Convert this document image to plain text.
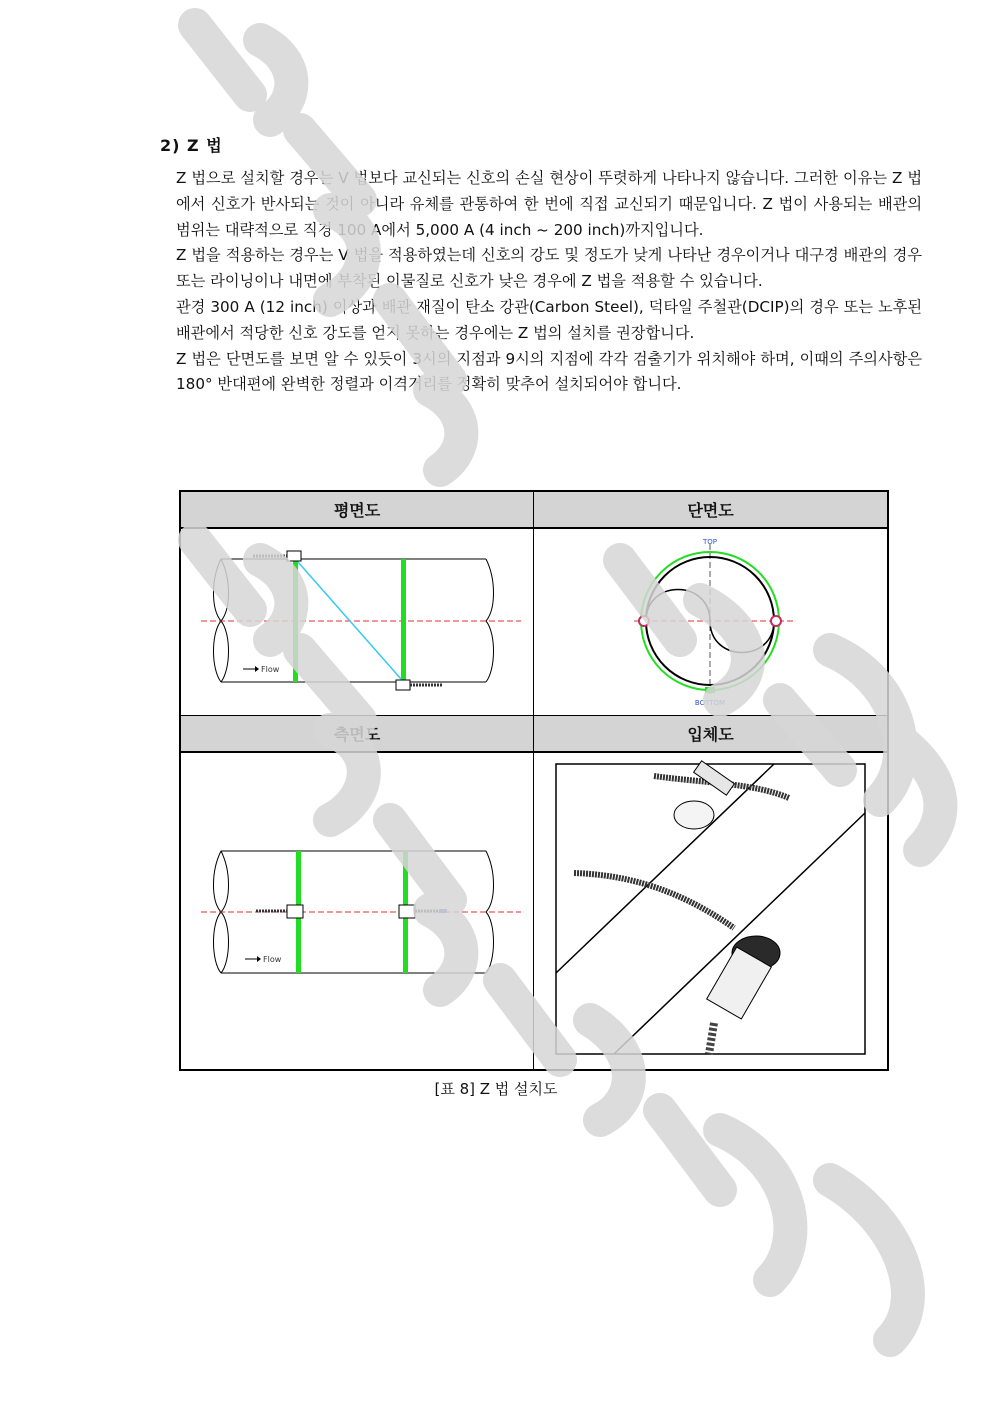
2) Z 법

Z 법으로 설치할 경우는 V 법보다 교신되는 신호의 손실 현상이 뚜렷하게 나타나지 않습니다. 그러한 이유는 Z 법에서 신호가 반사되는 것이 아니라 유체를 관통하여 한 번에 직접 교신되기 때문입니다. Z 법이 사용되는 배관의 범위는 대략적으로 직경 100 A에서 5,000 A (4 inch ~ 200 inch)까지입니다.

Z 법을 적용하는 경우는 V 법을 적용하였는데 신호의 강도 및 정도가 낮게 나타난 경우이거나 대구경 배관의 경우 또는 라이닝이나 내면에 부착된 이물질로 신호가 낮은 경우에 Z 법을 적용할 수 있습니다.

관경 300 A (12 inch) 이상과 배관 재질이 탄소 강관(Carbon Steel), 덕타일 주철관(DCIP)의 경우 또는 노후된 배관에서 적당한 신호 강도를 얻지 못하는 경우에는 Z 법의 설치를 권장합니다.

Z 법은 단면도를 보면 알 수 있듯이 3시의 지점과 9시의 지점에 각각 검출기가 위치해야 하며, 이때의 주의사항은 180° 반대편에 완벽한 정렬과 이격거리를 정확히 맞추어 설치되어야 합니다.

평면도	단면도

Flow	TOP
BOTTOM

측면도	입체도

Flow

[표 8] Z 법 설치도
